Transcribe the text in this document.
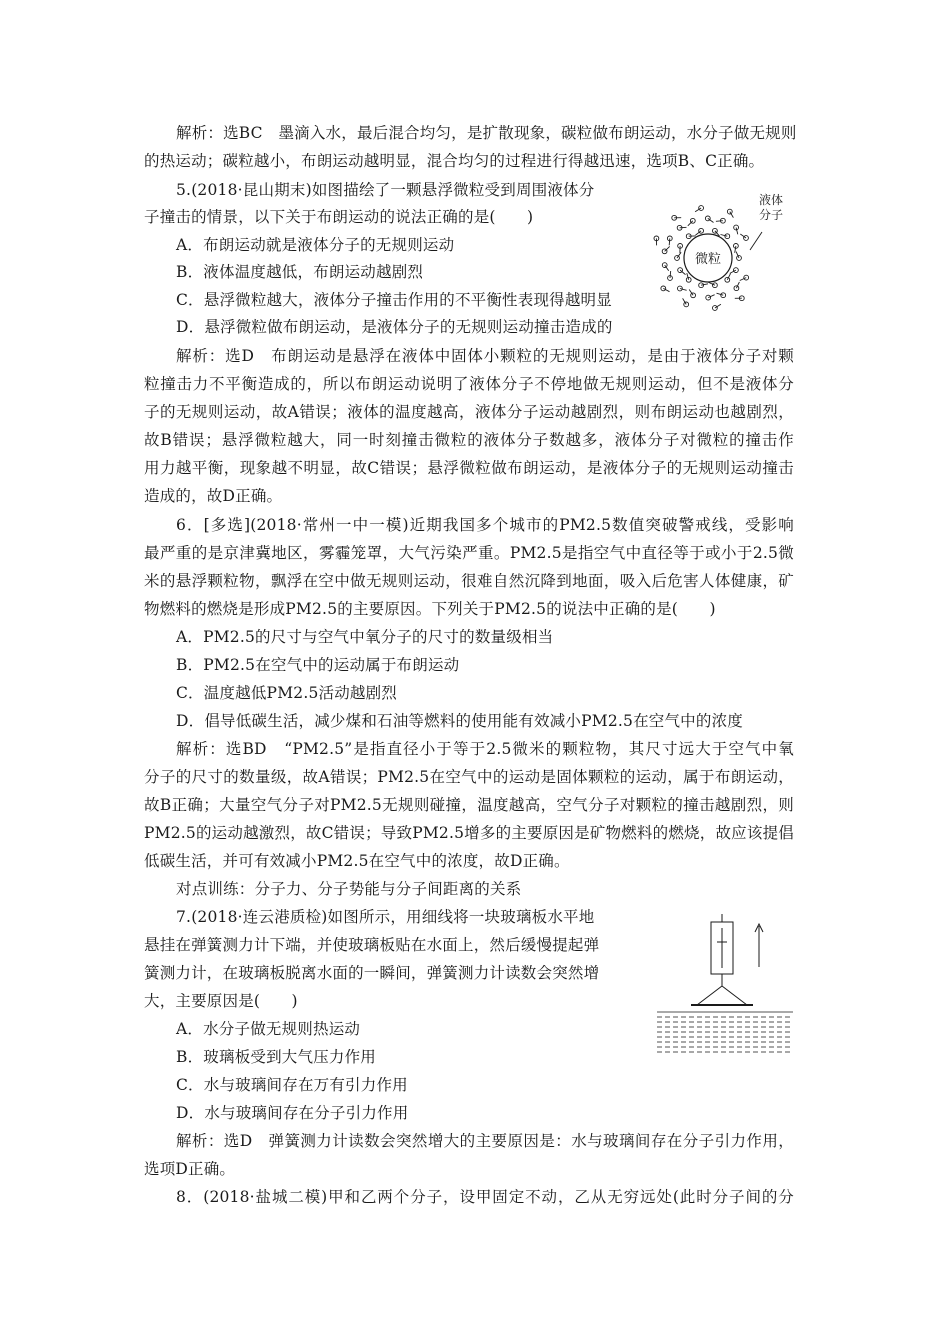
解析：选BC　墨滴入水，最后混合均匀，是扩散现象，碳粒做布朗运动，水分子做无规则
的热运动；碳粒越小，布朗运动越明显，混合均匀的过程进行得越迅速，选项B、C正确。
5.(2018·昆山期末)如图描绘了一颗悬浮微粒受到周围液体分
子撞击的情景，以下关于布朗运动的说法正确的是(　　)
A．布朗运动就是液体分子的无规则运动
B．液体温度越低，布朗运动越剧烈
C．悬浮微粒越大，液体分子撞击作用的不平衡性表现得越明显
D．悬浮微粒做布朗运动，是液体分子的无规则运动撞击造成的
微粒
液体
分子
解析：选D　布朗运动是悬浮在液体中固体小颗粒的无规则运动，是由于液体分子对颗
粒撞击力不平衡造成的，所以布朗运动说明了液体分子不停地做无规则运动，但不是液体分
子的无规则运动，故A错误；液体的温度越高，液体分子运动越剧烈，则布朗运动也越剧烈，
故B错误；悬浮微粒越大，同一时刻撞击微粒的液体分子数越多，液体分子对微粒的撞击作
用力越平衡，现象越不明显，故C错误；悬浮微粒做布朗运动，是液体分子的无规则运动撞击
造成的，故D正确。
6．[多选](2018·常州一中一模)近期我国多个城市的PM2.5数值突破警戒线，受影响
最严重的是京津冀地区，雾霾笼罩，大气污染严重。PM2.5是指空气中直径等于或小于2.5微
米的悬浮颗粒物，飘浮在空中做无规则运动，很难自然沉降到地面，吸入后危害人体健康，矿
物燃料的燃烧是形成PM2.5的主要原因。下列关于PM2.5的说法中正确的是(　　)
A．PM2.5的尺寸与空气中氧分子的尺寸的数量级相当
B．PM2.5在空气中的运动属于布朗运动
C．温度越低PM2.5活动越剧烈
D．倡导低碳生活，减少煤和石油等燃料的使用能有效减小PM2.5在空气中的浓度
解析：选BD　“PM2.5”是指直径小于等于2.5微米的颗粒物，其尺寸远大于空气中氧
分子的尺寸的数量级，故A错误；PM2.5在空气中的运动是固体颗粒的运动，属于布朗运动，
故B正确；大量空气分子对PM2.5无规则碰撞，温度越高，空气分子对颗粒的撞击越剧烈，则
PM2.5的运动越激烈，故C错误；导致PM2.5增多的主要原因是矿物燃料的燃烧，故应该提倡
低碳生活，并可有效减小PM2.5在空气中的浓度，故D正确。
对点训练：分子力、分子势能与分子间距离的关系
7.(2018·连云港质检)如图所示，用细线将一块玻璃板水平地
悬挂在弹簧测力计下端，并使玻璃板贴在水面上，然后缓慢提起弹
簧测力计，在玻璃板脱离水面的一瞬间，弹簧测力计读数会突然增
大，主要原因是(　　)
A．水分子做无规则热运动
B．玻璃板受到大气压力作用
C．水与玻璃间存在万有引力作用
D．水与玻璃间存在分子引力作用
解析：选D　弹簧测力计读数会突然增大的主要原因是：水与玻璃间存在分子引力作用，
选项D正确。
8．(2018·盐城二模)甲和乙两个分子，设甲固定不动，乙从无穷远处(此时分子间的分
